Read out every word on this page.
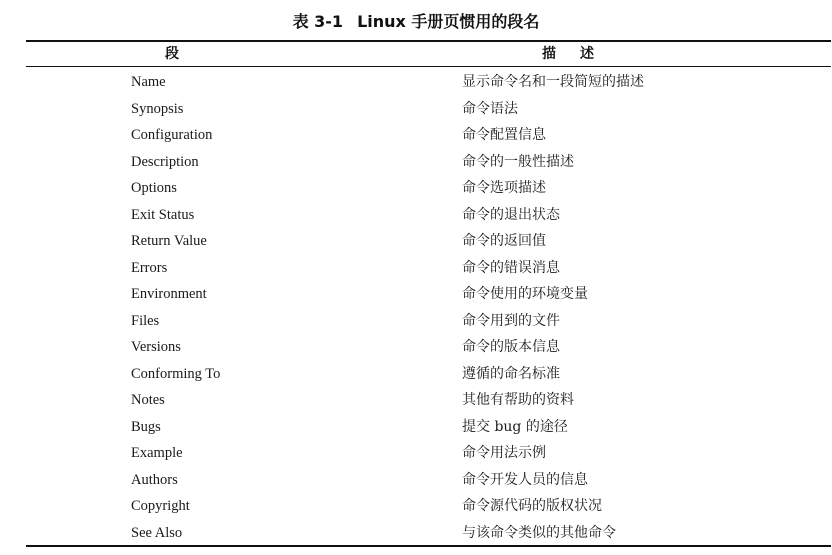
表 3-1 Linux 手册页惯用的段名
段	描述
Name	显示命令名和一段简短的描述
Synopsis	命令语法
Configuration	命令配置信息
Description	命令的一般性描述
Options	命令选项描述
Exit Status	命令的退出状态
Return Value	命令的返回值
Errors	命令的错误消息
Environment	命令使用的环境变量
Files	命令用到的文件
Versions	命令的版本信息
Conforming To	遵循的命名标准
Notes	其他有帮助的资料
Bugs	提交 bug 的途径
Example	命令用法示例
Authors	命令开发人员的信息
Copyright	命令源代码的版权状况
See Also	与该命令类似的其他命令
